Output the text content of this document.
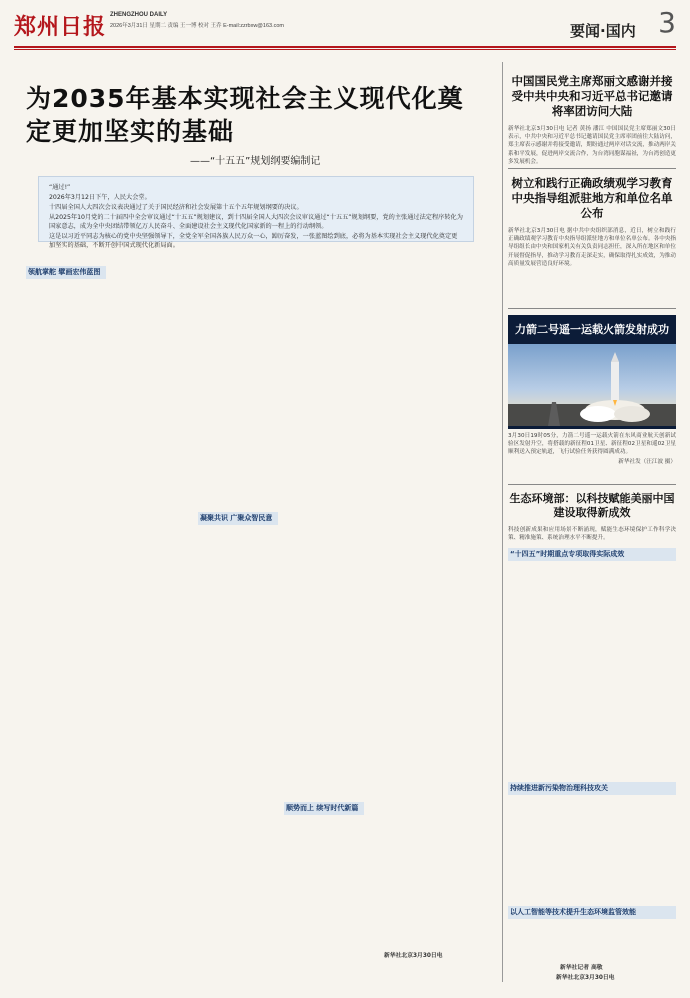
郑州日报 ZHENGZHOU DAILY
2026年3月31日 星期二 责编 王一博 校对 王乔 E-mail:zzrbxw@163.com	要闻·国内 3
为2035年基本实现社会主义现代化奠定更加坚实的基础
——“十五五”规划纲要编制记

“通过!”

2026年3月12日下午，人民大会堂。

十四届全国人大四次会议表决通过了关于国民经济和社会发展第十五个五年规划纲要的决议。

从2025年10月党的二十届四中全会审议通过“十五五”规划建议，到十四届全国人大四次会议审议通过“十五五”规划纲要，党的主张通过法定程序转化为国家意志，成为全中央团结带领亿万人民奋斗、全面建设社会主义现代化国家新的一程上的行动纲领。

这是以习近平同志为核心的党中央坚强领导下，全党全军全国各族人民万众一心，踔厉奋发，一张蓝图绘到底，必将为基本实现社会主义现代化奠定更加坚实的基础，不断开创中国式现代化新局面。

领航掌舵 擘画宏伟蓝图
凝聚共识 广聚众智民意
顺势而上 续写时代新篇
新华社北京3月30日电
中国国民党主席郑丽文感谢并接受中共中央和习近平总书记邀请将率团访问大陆
新华社北京3月30日电 记者 黄扬 潘江 中国国民党主席郑丽文30日表示，中共中央和习近平总书记邀请国民党主席率团前往大陆访问，郑主席表示感谢并将接受邀请，期盼通过两岸对话交流，推动两岸关系和平发展，促进两岸交流合作，为台湾同胞谋福祉，为台湾创造更多发展机会。
树立和践行正确政绩观学习教育中央指导组派驻地方和单位名单公布
新华社北京3月30日电 据中共中央组织部消息，近日，树立和践行正确政绩观学习教育中央指导组派驻地方和单位名单公布。各中央指导组组长由中央和国家机关有关负责同志担任，深入所在地区和单位开展督促指导，推动学习教育走深走实，确保取得扎实成效，为推动高质量发展营造良好环境。
力箭二号遥一运载火箭发射成功
3月30日19时05分，力箭二号遥一运载火箭在东风商业航天创新试验区发射升空，将搭载的新征程01卫星、新征程02卫星和遥02卫星顺利送入预定轨道，飞行试验任务获得圆满成功。
新华社发（汪江波 摄）
生态环境部：以科技赋能美丽中国建设取得新成效
科技创新成果和应用场景不断涌现，赋能生态环境保护工作科学决策、精准施策、系统治理水平不断提升。
“十四五”时期重点专项取得实际成效
持续推进新污染物治理科技攻关
以人工智能等技术提升生态环境监管效能
新华社记者 高敬
新华社北京3月30日电
